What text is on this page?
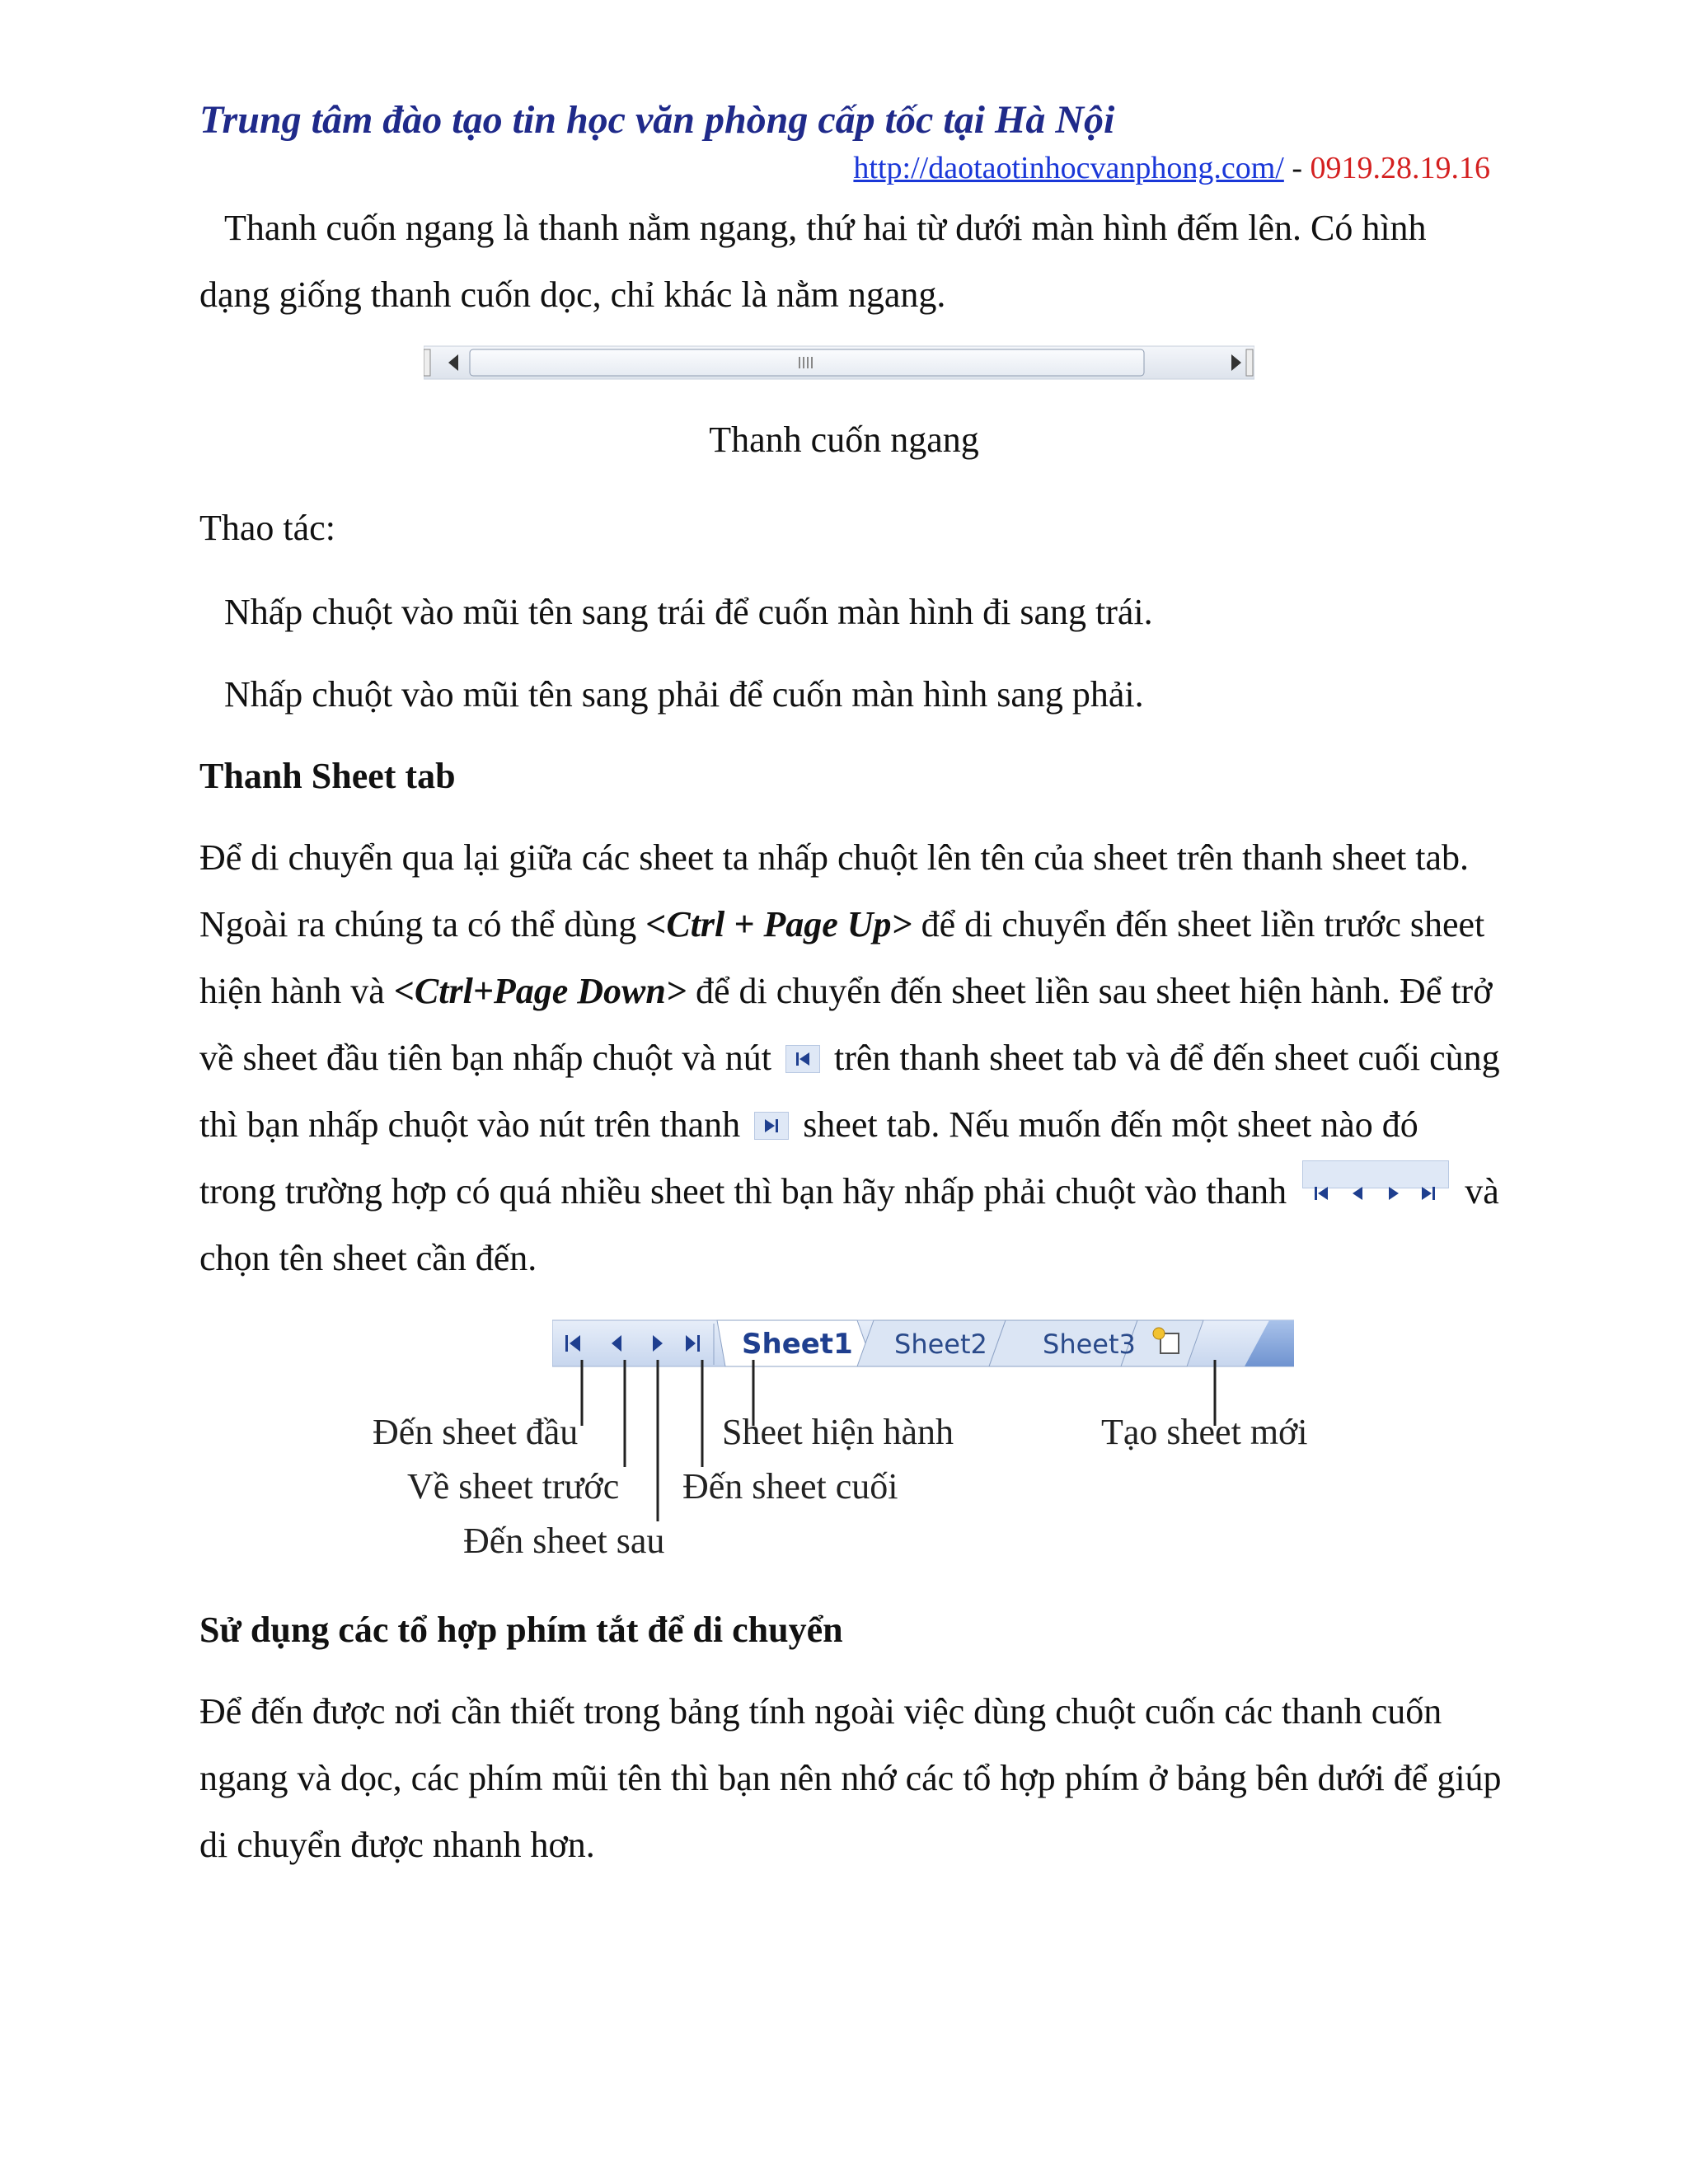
Trung tâm đào tạo tin học văn phòng cấp tốc tại Hà Nội
http://daotaotinhocvanphong.com/ - 0919.28.19.16

Thanh cuốn ngang là thanh nằm ngang, thứ hai từ dưới màn hình đếm lên. Có hình dạng giống thanh cuốn dọc, chỉ khác là nằm ngang.

Thanh cuốn ngang

Thao tác:

Nhấp chuột vào mũi tên sang trái để cuốn màn hình đi sang trái.

Nhấp chuột vào mũi tên sang phải để cuốn màn hình sang phải.

Thanh Sheet tab

Để di chuyển qua lại giữa các sheet ta nhấp chuột lên tên của sheet trên thanh sheet tab. Ngoài ra chúng ta có thể dùng <Ctrl + Page Up> để di chuyển đến sheet liền trước sheet hiện hành và <Ctrl+Page Down> để di chuyển đến sheet liền sau sheet hiện hành. Để trở về sheet đầu tiên bạn nhấp chuột và nút
trên thanh sheet tab và để đến sheet cuối cùng thì bạn nhấp chuột vào nút trên thanh
sheet tab. Nếu muốn đến một sheet nào đó trong trường hợp có quá nhiều sheet thì bạn hãy nhấp phải chuột vào thanh	và chọn tên sheet cần đến.

Sheet1 Sheet2 Sheet3
Đến sheet đầu
Về sheet trước
Đến sheet sau
Sheet hiện hành
Đến sheet cuối
Tạo sheet mới
Sử dụng các tổ hợp phím tắt để di chuyển

Để đến được nơi cần thiết trong bảng tính ngoài việc dùng chuột cuốn các thanh cuốn ngang và dọc, các phím mũi tên thì bạn nên nhớ các tổ hợp phím ở bảng bên dưới để giúp di chuyển được nhanh hơn.
